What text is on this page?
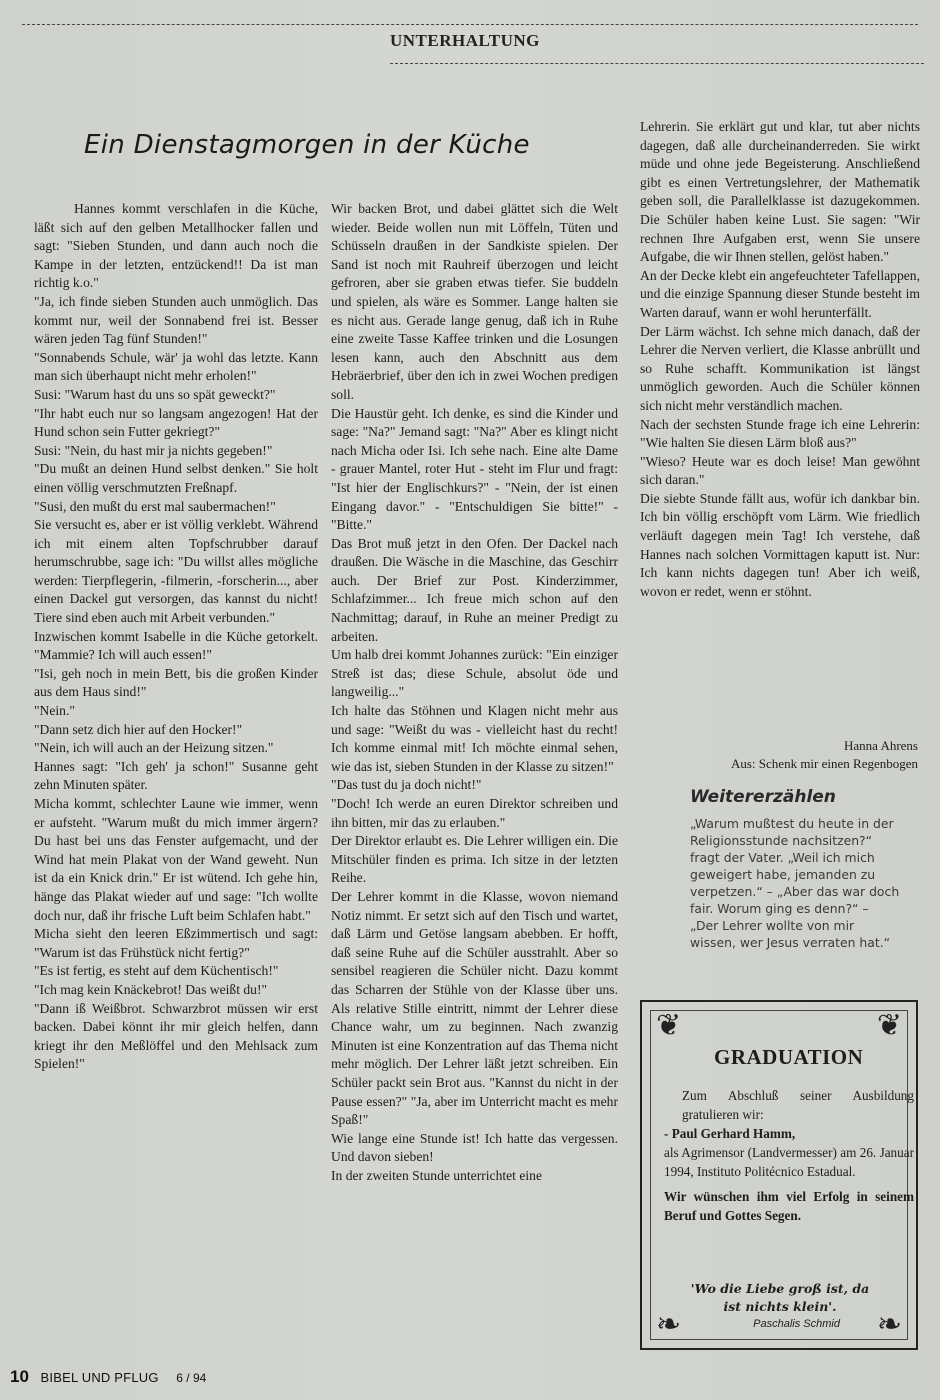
UNTERHALTUNG
Ein Dienstagmorgen in der Küche

Hannes kommt verschlafen in die Küche, läßt sich auf den gelben Metallhocker fallen und sagt: "Sieben Stunden, und dann auch noch die Kampe in der letzten, entzückend!! Da ist man richtig k.o."

"Ja, ich finde sieben Stunden auch unmöglich. Das kommt nur, weil der Sonnabend frei ist. Besser wären jeden Tag fünf Stunden!"

"Sonnabends Schule, wär' ja wohl das letzte. Kann man sich überhaupt nicht mehr erholen!"

Susi: "Warum hast du uns so spät geweckt?"

"Ihr habt euch nur so langsam angezogen! Hat der Hund schon sein Futter gekriegt?"

Susi: "Nein, du hast mir ja nichts gegeben!"

"Du mußt an deinen Hund selbst denken." Sie holt einen völlig verschmutzten Freßnapf.

"Susi, den mußt du erst mal saubermachen!"

Sie versucht es, aber er ist völlig verklebt. Während ich mit einem alten Topfschrubber darauf herumschrubbe, sage ich: "Du willst alles mögliche werden: Tierpflegerin, -filmerin, -forscherin..., aber einen Dackel gut versorgen, das kannst du nicht! Tiere sind eben auch mit Arbeit verbunden."

Inzwischen kommt Isabelle in die Küche getorkelt. "Mammie? Ich will auch essen!"

"Isi, geh noch in mein Bett, bis die großen Kinder aus dem Haus sind!"

"Nein."

"Dann setz dich hier auf den Hocker!"

"Nein, ich will auch an der Heizung sitzen."

Hannes sagt: "Ich geh' ja schon!" Susanne geht zehn Minuten später.

Micha kommt, schlechter Laune wie immer, wenn er aufsteht. "Warum mußt du mich immer ärgern? Du hast bei uns das Fenster aufgemacht, und der Wind hat mein Plakat von der Wand geweht. Nun ist da ein Knick drin." Er ist wütend. Ich gehe hin, hänge das Plakat wieder auf und sage: "Ich wollte doch nur, daß ihr frische Luft beim Schlafen habt."

Micha sieht den leeren Eßzimmertisch und sagt: "Warum ist das Frühstück nicht fertig?"

"Es ist fertig, es steht auf dem Küchentisch!"

"Ich mag kein Knäckebrot! Das weißt du!"

"Dann iß Weißbrot. Schwarzbrot müssen wir erst backen. Dabei könnt ihr mir gleich helfen, dann kriegt ihr den Meßlöffel und den Mehlsack zum Spielen!"

Wir backen Brot, und dabei glättet sich die Welt wieder. Beide wollen nun mit Löffeln, Tüten und Schüsseln draußen in der Sandkiste spielen. Der Sand ist noch mit Rauhreif überzogen und leicht gefroren, aber sie graben etwas tiefer. Sie buddeln und spielen, als wäre es Sommer. Lange halten sie es nicht aus. Gerade lange genug, daß ich in Ruhe eine zweite Tasse Kaffee trinken und die Losungen lesen kann, auch den Abschnitt aus dem Hebräerbrief, über den ich in zwei Wochen predigen soll.

Die Haustür geht. Ich denke, es sind die Kinder und sage: "Na?" Jemand sagt: "Na?" Aber es klingt nicht nach Micha oder Isi. Ich sehe nach. Eine alte Dame - grauer Mantel, roter Hut - steht im Flur und fragt: "Ist hier der Englischkurs?" - "Nein, der ist einen Eingang davor." - "Entschuldigen Sie bitte!" - "Bitte."

Das Brot muß jetzt in den Ofen. Der Dackel nach draußen. Die Wäsche in die Maschine, das Geschirr auch. Der Brief zur Post. Kinderzimmer, Schlafzimmer... Ich freue mich schon auf den Nachmittag; darauf, in Ruhe an meiner Predigt zu arbeiten.

Um halb drei kommt Johannes zurück: "Ein einziger Streß ist das; diese Schule, absolut öde und langweilig..."

Ich halte das Stöhnen und Klagen nicht mehr aus und sage: "Weißt du was - vielleicht hast du recht! Ich komme einmal mit! Ich möchte einmal sehen, wie das ist, sieben Stunden in der Klasse zu sitzen!"

"Das tust du ja doch nicht!"

"Doch! Ich werde an euren Direktor schreiben und ihn bitten, mir das zu erlauben."

Der Direktor erlaubt es. Die Lehrer willigen ein. Die Mitschüler finden es prima. Ich sitze in der letzten Reihe.

Der Lehrer kommt in die Klasse, wovon niemand Notiz nimmt. Er setzt sich auf den Tisch und wartet, daß Lärm und Getöse langsam abebben. Er hofft, daß seine Ruhe auf die Schüler ausstrahlt. Aber so sensibel reagieren die Schüler nicht. Dazu kommt das Scharren der Stühle von der Klasse über uns. Als relative Stille eintritt, nimmt der Lehrer diese Chance wahr, um zu beginnen. Nach zwanzig Minuten ist eine Konzentration auf das Thema nicht mehr möglich. Der Lehrer läßt jetzt schreiben. Ein Schüler packt sein Brot aus. "Kannst du nicht in der Pause essen?" "Ja, aber im Unterricht macht es mehr Spaß!"

Wie lange eine Stunde ist! Ich hatte das vergessen. Und davon sieben!

In der zweiten Stunde unterrichtet eine

Lehrerin. Sie erklärt gut und klar, tut aber nichts dagegen, daß alle durcheinanderreden. Sie wirkt müde und ohne jede Begeisterung. Anschließend gibt es einen Vertretungslehrer, der Mathematik geben soll, die Parallelklasse ist dazugekommen. Die Schüler haben keine Lust. Sie sagen: "Wir rechnen Ihre Aufgaben erst, wenn Sie unsere Aufgabe, die wir Ihnen stellen, gelöst haben."

An der Decke klebt ein angefeuchteter Tafellappen, und die einzige Spannung dieser Stunde besteht im Warten darauf, wann er wohl herunterfällt.

Der Lärm wächst. Ich sehne mich danach, daß der Lehrer die Nerven verliert, die Klasse anbrüllt und so Ruhe schafft. Kommunikation ist längst unmöglich geworden. Auch die Schüler können sich nicht mehr verständlich machen.

Nach der sechsten Stunde frage ich eine Lehrerin: "Wie halten Sie diesen Lärm bloß aus?"

"Wieso? Heute war es doch leise! Man gewöhnt sich daran."

Die siebte Stunde fällt aus, wofür ich dankbar bin. Ich bin völlig erschöpft vom Lärm. Wie friedlich verläuft dagegen mein Tag! Ich verstehe, daß Hannes nach solchen Vormittagen kaputt ist. Nur: Ich kann nichts dagegen tun! Aber ich weiß, wovon er redet, wenn er stöhnt.

Hanna Ahrens
Aus: Schenk mir einen Regenbogen
Weitererzählen
„Warum mußtest du heute in der Religionsstunde nachsitzen?“ fragt der Vater. „Weil ich mich geweigert habe, jemanden zu verpetzen.“ – „Aber das war doch fair. Worum ging es denn?“ – „Der Lehrer wollte von mir wissen, wer Jesus verraten hat.“
❦	❦
❧	❧
GRADUATION

Zum Abschluß seiner Ausbildung gratulieren wir:

- Paul Gerhard Hamm,

als Agrimensor (Landvermesser) am 26. Januar 1994, Instituto Politécnico Estadual.

Wir wünschen ihm viel Erfolg in seinem Beruf und Gottes Segen.

'Wo die Liebe groß ist, da ist nichts klein'.
Paschalis Schmid
10 BIBEL UND PFLUG 6 / 94
